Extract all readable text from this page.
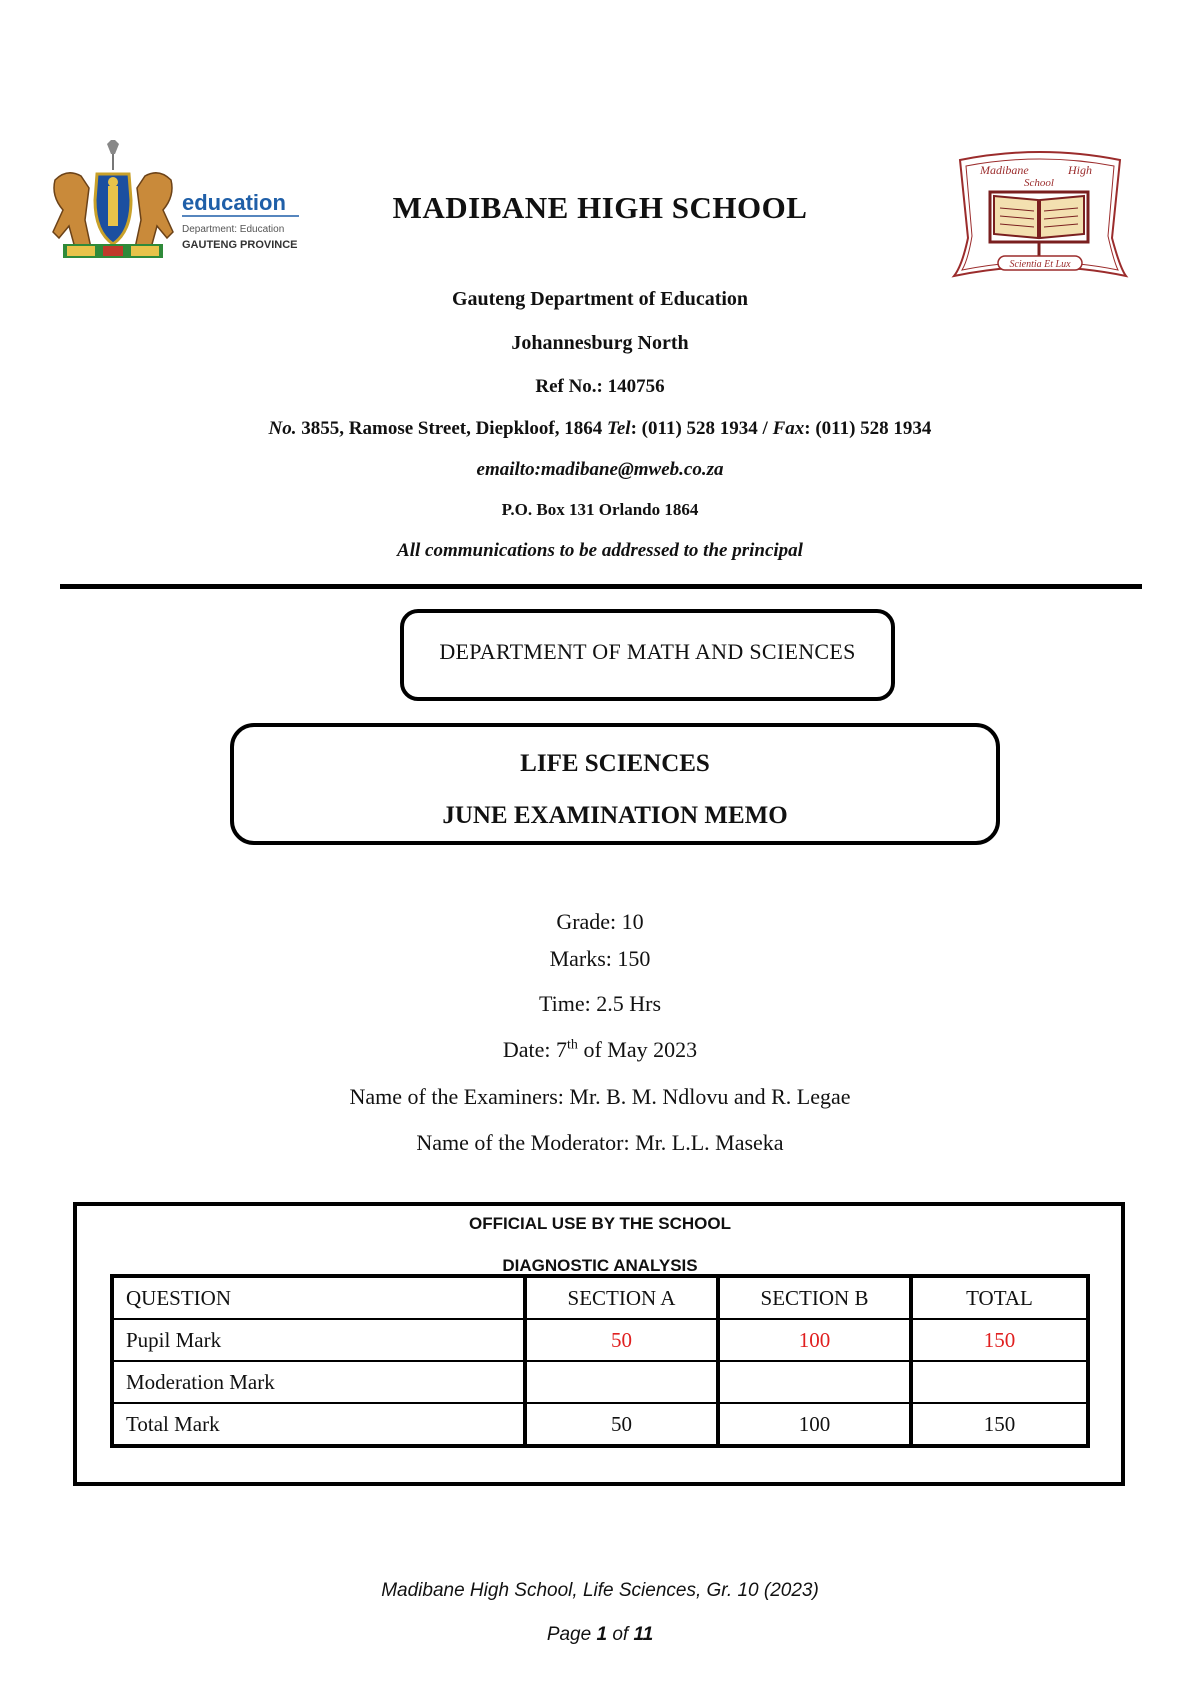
education
Department: Education
GAUTENG PROVINCE
Madibane	High
School
Scientia Et Lux
MADIBANE HIGH SCHOOL
Gauteng Department of Education
Johannesburg North
Ref No.: 140756
No. 3855, Ramose Street, Diepkloof, 1864 Tel: (011) 528 1934 / Fax: (011) 528 1934
emailto:madibane@mweb.co.za
P.O. Box 131 Orlando 1864
All communications to be addressed to the principal
DEPARTMENT OF MATH AND SCIENCES
LIFE SCIENCES
JUNE EXAMINATION MEMO
Grade: 10
Marks: 150
Time: 2.5 Hrs
Date: 7th of May 2023
Name of the Examiners: Mr. B. M. Ndlovu and R. Legae
Name of the Moderator: Mr. L.L. Maseka
OFFICIAL USE BY THE SCHOOL
DIAGNOSTIC ANALYSIS
QUESTION	SECTION A	SECTION B	TOTAL
Pupil Mark	50	100	150
Moderation Mark			
Total Mark	50	100	150
Madibane High School, Life Sciences, Gr. 10 (2023)
Page 1 of 11
